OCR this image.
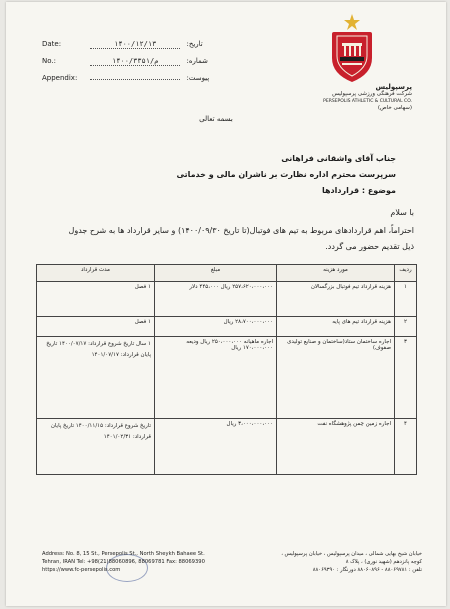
Date:	۱۴۰۰/۱۲/۱۳	تاریخ:
No.:	۱۴۰۰/م/۳۳۵۱	شماره:
Appendix:	پیوست:
پرسپولیس
شرکت فرهنگی ورزشی پرسپولیس
PERSEPOLIS ATHLETIC & CULTURAL CO.
(سهامی خاص)
بسمه تعالی
جناب آقای واشقانی فراهانی
سرپرست محترم اداره نظارت بر ناشران مالی و خدماتی
موضوع : قراردادها
با سلام
احتراماً، اهم قراردادهای مربوط به تیم های فوتبال(تا تاریخ ۱۴۰۰/۰۹/۳۰) و سایر قرارداد ها به شرح جدول
ذیل تقدیم حضور می گردد.
ردیف	مورد هزینه	مبلغ	مدت قرارداد
۱	هزینه قرارداد تیم فوتبال بزرگسالان	۲۵۷،۶۲۰،۰۰۰،۰۰۰ ریال ۴۴۵،۰۰۰ دلار	۱ فصل
۲	هزینه قرارداد تیم های پایه	۲۸،۷۰۰،۰۰۰،۰۰۰ ریال	۱ فصل
۳	اجاره ساختمان ستاد(ساختمان و صنایع تولیدی صفوف)	اجاره ماهیانه ۲۵۰،۰۰۰،۰۰۰ ریال ودیعه ۱۷۰،۰۰۰،۰۰۰ ریال	۱ سال تاریخ شروع قرارداد: ۱۴۰۰/۰۷/۱۷ تاریخ پایان قرارداد: ۱۴۰۱/۰۷/۱۷
۴	اجاره زمین چمن پژوهشگاه نفت	۳،۰۰۰،۰۰۰،۰۰۰ ریال	تاریخ شروع قرارداد: ۱۴۰۰/۱۱/۱۵ تاریخ پایان قرارداد: ۱۴۰۱/۰۲/۳۱
Address: No. 8, 15 St., Persepolis St., North Sheykh Bahaee St.
Tehran, IRAN Tel: +98(21)88060896, 88069781 Fax: 88069390
https://www.fc-persepolis.com
خیابان شیخ بهایی شمالی ، میدان پرسپولیس ، خیابان پرسپولیس ،
کوچه پانزدهم (شهید نوری) ، پلاک ۸
تلفن : ۸۸۰۶۹۷۸۱ - ۸۸۰۶۰۸۹۶ دورنگار : ۸۸۰۶۹۳۹۰
